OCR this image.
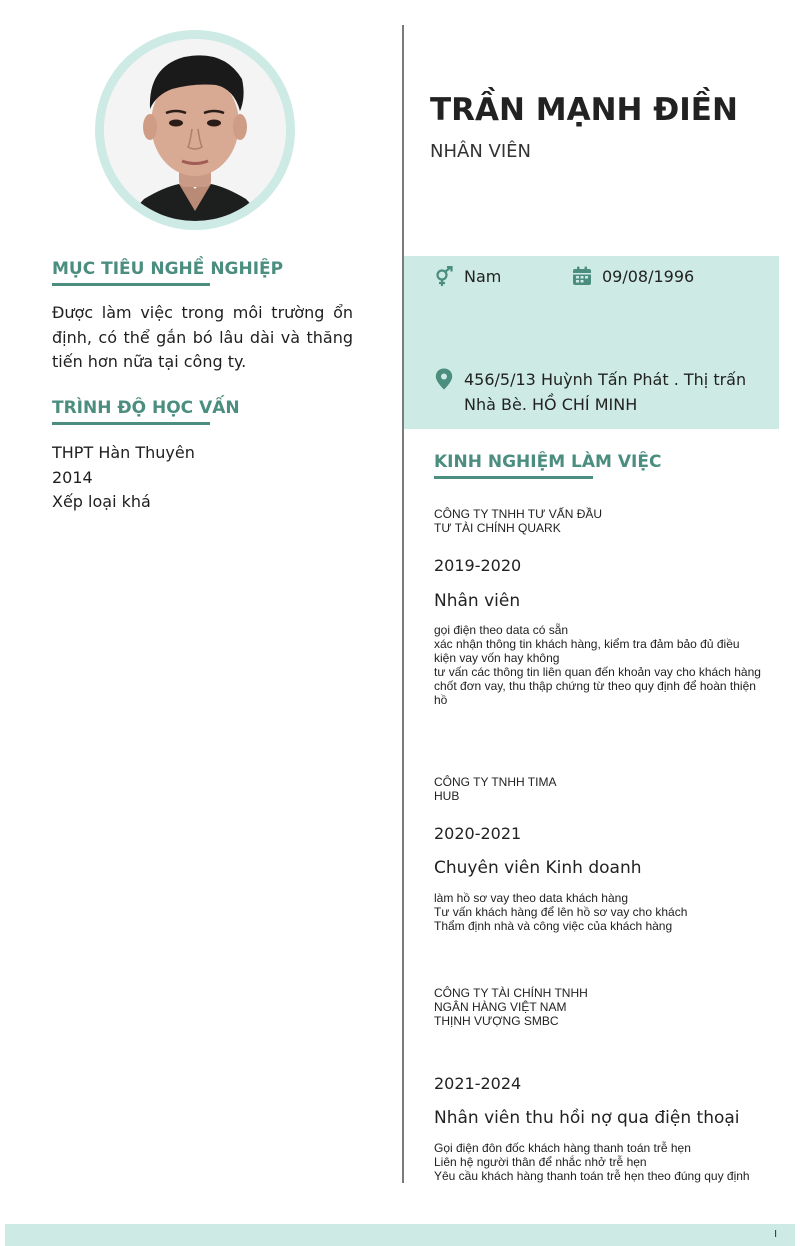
TRẦN MẠNH ĐIỀN
NHÂN VIÊN
Nam	09/08/1996
456/5/13 Huỳnh Tấn Phát . Thị trấn
Nhà Bè. HỒ CHÍ MINH
MỤC TIÊU NGHỀ NGHIỆP
Được làm việc trong môi trường ổn định, có thể gắn bó lâu dài và thăng tiến hơn nữa tại công ty.
TRÌNH ĐỘ HỌC VẤN
THPT Hàn Thuyên
2014
Xếp loại khá
KINH NGHIỆM LÀM VIỆC
CÔNG TY TNHH TƯ VẤN ĐẦU
TƯ TÀI CHÍNH QUARK
2019-2020
Nhân viên
gọi điện theo data có sẵn
xác nhận thông tin khách hàng, kiểm tra đảm bảo đủ điều kiện vay vốn hay không
tư vấn các thông tin liên quan đến khoản vay cho khách hàng
chốt đơn vay, thu thập chứng từ theo quy định để hoàn thiện hồ
CÔNG TY TNHH TIMA
HUB
2020-2021
Chuyên viên Kinh doanh
làm hồ sơ vay theo data khách hàng
Tư vấn khách hàng để lên hồ sơ vay cho khách
Thẩm định nhà và công việc của khách hàng
CÔNG TY TÀI CHÍNH TNHH
NGÂN HÀNG VIỆT NAM
THỊNH VƯỢNG SMBC
2021-2024
Nhân viên thu hồi nợ qua điện thoại
Gọi điện đôn đốc khách hàng thanh toán trễ hẹn
Liên hệ người thân để nhắc nhở trễ hẹn
Yêu cầu khách hàng thanh toán trễ hẹn theo đúng quy định
I
